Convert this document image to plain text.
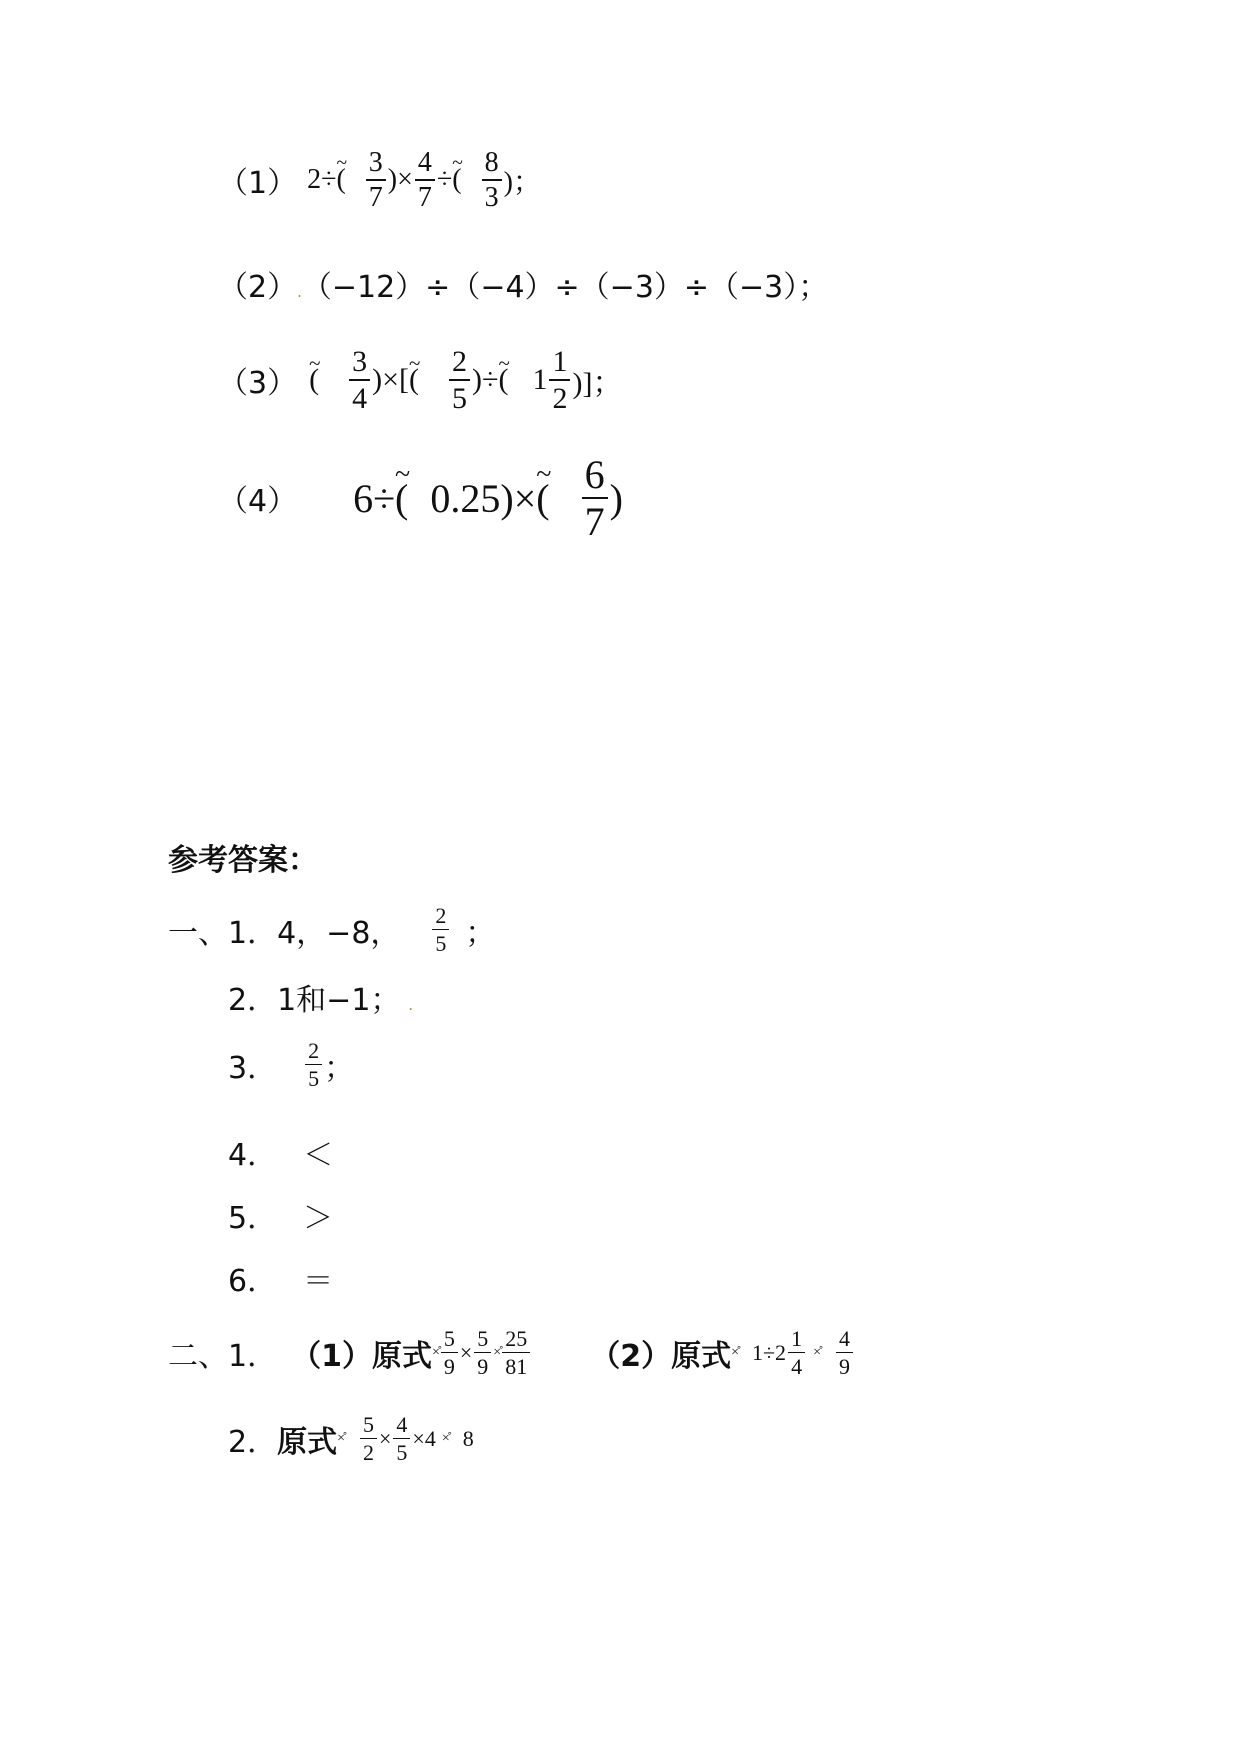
（1） 2 ÷ ~ ( $\frac{3}{7}$ ) × $\frac{4}{7}$ ÷ ~ ( $\frac{8}{3}$ )；
（2）.（−12）÷（−4）÷（−3）÷（−3）；
（3） ~ ( $\frac{3}{4}$ ) ×[ ~ ( $\frac{2}{5}$ ) ÷ ~ ( $1 \frac{1}{2}$ )]；
（4） 6 ÷ ~ ( 0.25 )× ~ ( $\frac{6}{7}$ )
参考答案：
一、 1． 4，−8， $\frac{2}{5}$ ；
2．1和−1； .
3． $\frac{2}{5}$ ；
4． ＜
5． ＞
6． ＝
二、 1． （1）原式 ×̊ $\frac{5}{9} \times \frac{5}{9}$ ×̊ $\frac{25}{81} (2)$原式 ×̊ $1\div 2 \frac{1}{4}$ ×̊ $\frac{4}{9}$
2． 原式 ×̊ $\frac{5}{2} \times \frac{4}{5} \times 4$ ×̊ 8
